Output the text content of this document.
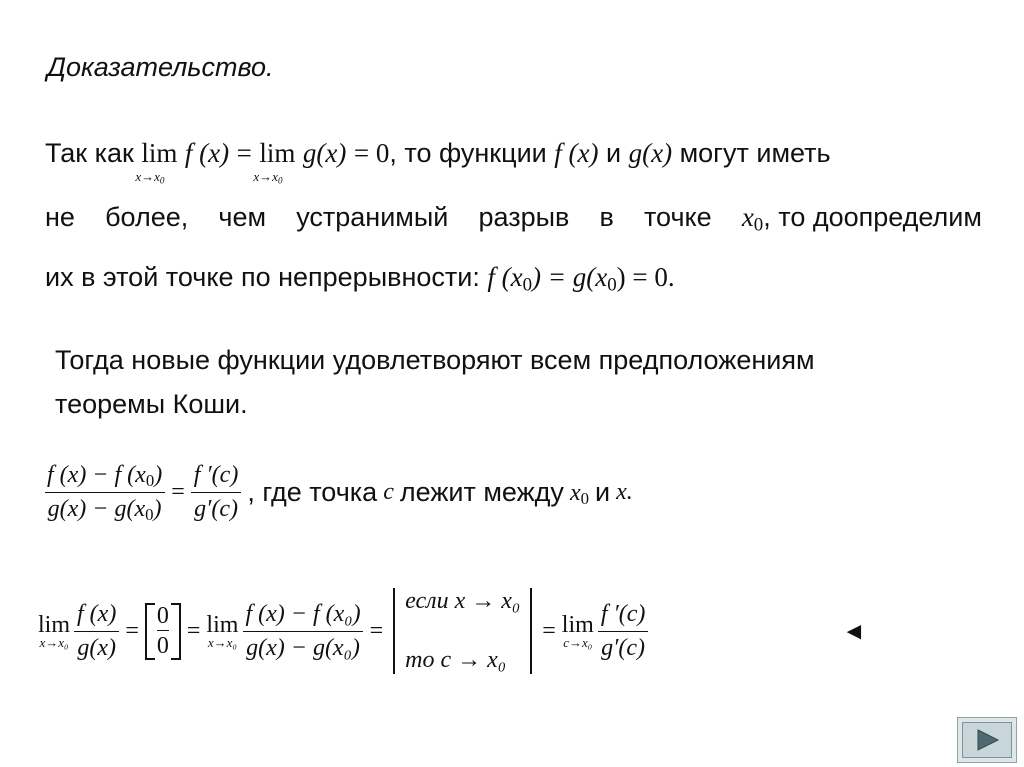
Доказательство.
Так как lim
$x\to x_0$
f (x) = lim
$x\to x_0$
g(x) = 0, то функции f (x) и g(x) могут иметь
не более, чем устранимый разрыв в точке $x_0$, то доопределим
их в этой точке по непрерывности: f $(x_0) = g(x_0) = 0$.
Тогда новые функции удовлетворяют всем предположениям
теоремы Коши.
$\frac{f (x) - f (x_0)}{g(x) - g(x_0)} = \frac{f '(c)}{g'(c)}$ , где точка c лежит между $x_0$ и x.
lim
$x\to x_0 \frac{f (x)}{g(x)} = \frac{0}{0} = \lim$
$x\to x_0 \frac{\text{f (x) − f (x₀)}}{\text{g(x) − g(x₀)}}$ =
если x → x₀
то c → x₀
= lim
$c\to x_0 \frac{f '(c)}{g'(c)}$	◄
